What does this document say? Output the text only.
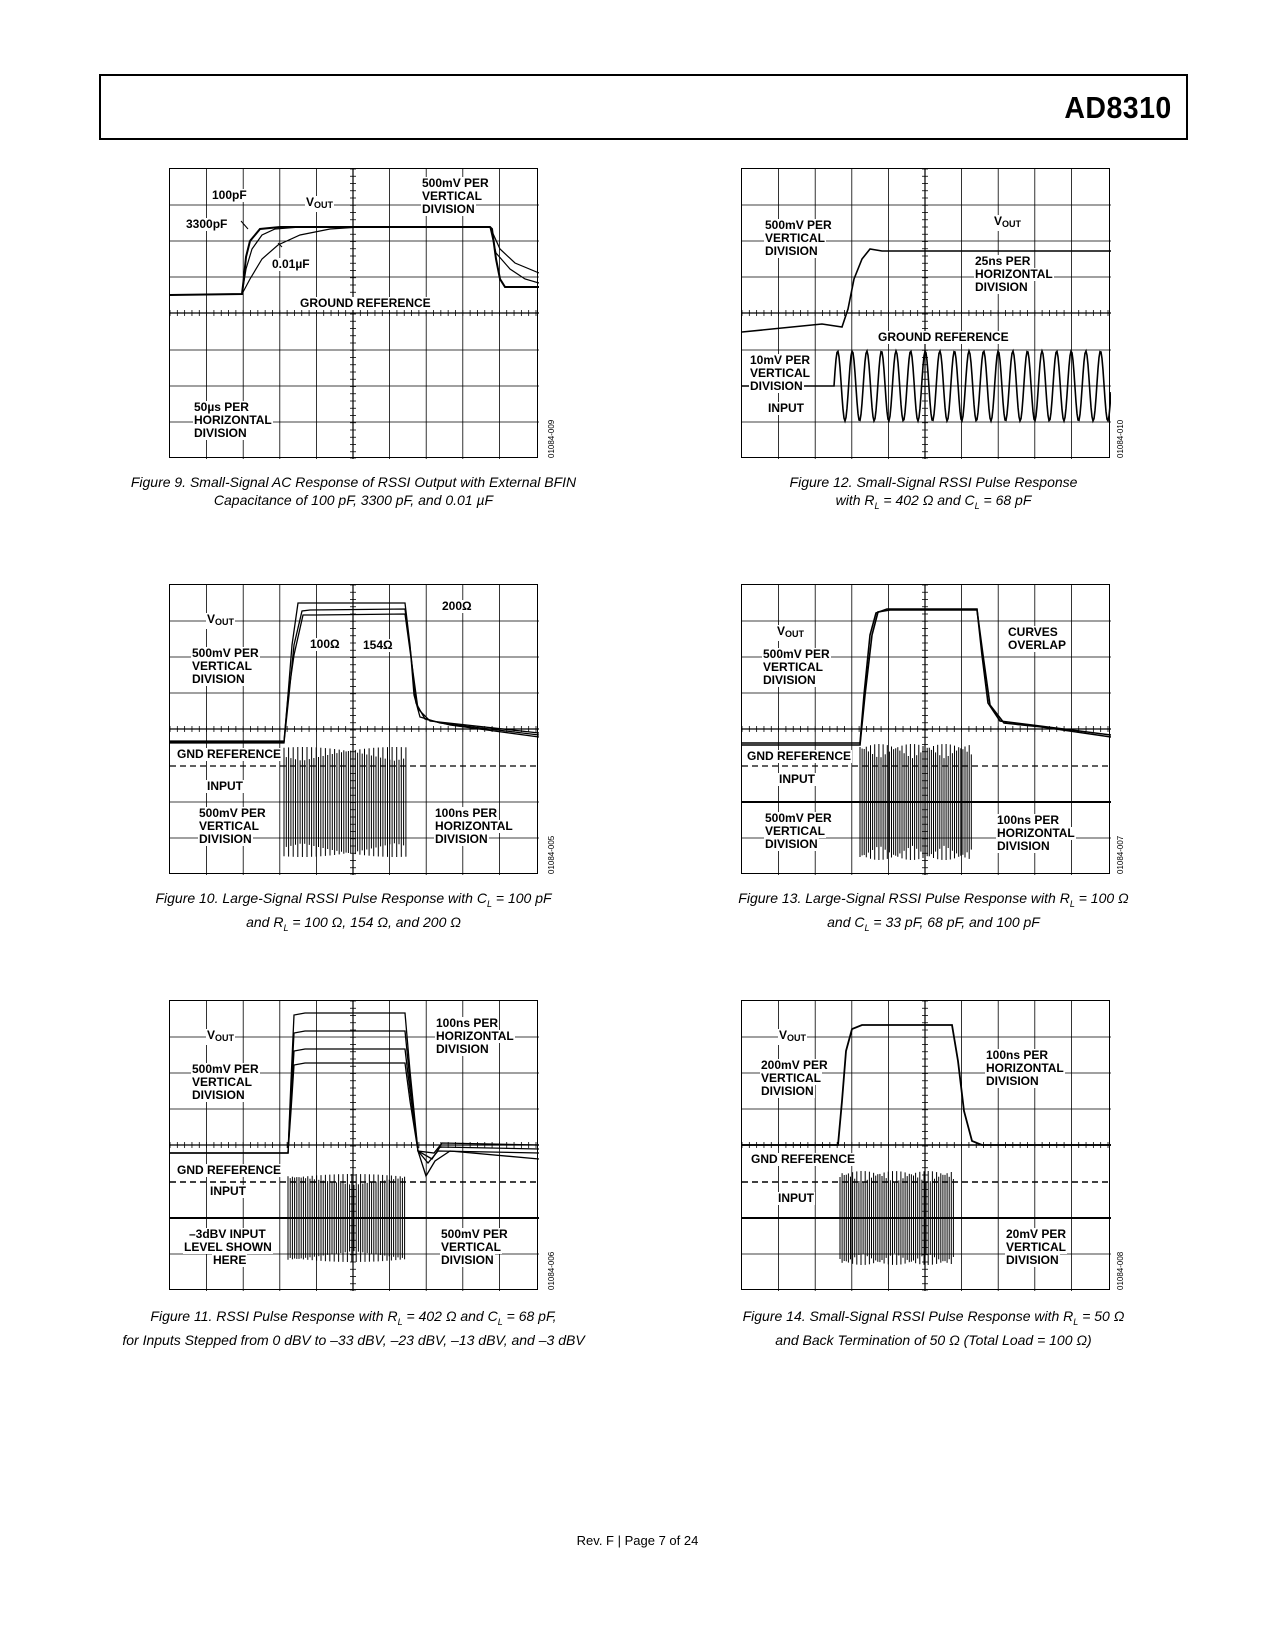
AD8310
100pF
3300pF
$V_{OUT}$
0.01µF
500mV PER
VERTICAL
DIVISION
GROUND REFERENCE
50µs PER
HORIZONTAL
DIVISION	01084-009
Figure 9. Small-Signal AC Response of RSSI Output with External BFIN
Capacitance of 100 pF, 3300 pF, and 0.01 µF
500mV PER
VERTICAL
DIVISION
$V_{OUT}$
25ns PER
HORIZONTAL
DIVISION
GROUND REFERENCE
10mV PER
VERTICAL
DIVISION
INPUT
01084-010
Figure 12. Small-Signal RSSI Pulse Response
with $R_L = 402$ Ω and $C_L = 68$ pF
$V_{OUT}$
500mV PER
VERTICAL
DIVISION
100Ω 154Ω
200Ω
GND REFERENCE
INPUT
500mV PER
VERTICAL
DIVISION
100ns PER
HORIZONTAL
DIVISION	01084-005
Figure 10. Large-Signal RSSI Pulse Response with $C_L = 100$ pF
and $R_L = 100$ Ω, 154 Ω, and 200 Ω
$V_{OUT}$
500mV PER
VERTICAL
DIVISION
CURVES
OVERLAP
GND REFERENCE
INPUT
500mV PER
VERTICAL
DIVISION
100ns PER
HORIZONTAL
DIVISION	01084-007
Figure 13. Large-Signal RSSI Pulse Response with $R_L = 100$ Ω
and $C_L = 33$ pF, 68 pF, and 100 pF
$V_{OUT}$
500mV PER
VERTICAL
DIVISION
100ns PER
HORIZONTAL
DIVISION
GND REFERENCE
INPUT
–3dBV INPUT
LEVEL SHOWN
HERE
500mV PER
VERTICAL
DIVISION	01084-006
Figure 11. RSSI Pulse Response with $R_L = 402$ Ω and $C_L = 68$ pF,
for Inputs Stepped from 0 dBV to –33 dBV, –23 dBV, –13 dBV, and –3 dBV
$V_{OUT}$
200mV PER
VERTICAL
DIVISION
100ns PER
HORIZONTAL
DIVISION
GND REFERENCE
INPUT
20mV PER
VERTICAL
DIVISION	01084-008
Figure 14. Small-Signal RSSI Pulse Response with $R_L = 50$ Ω
and Back Termination of 50 Ω (Total Load = 100 Ω)
Rev. F | Page 7 of 24
